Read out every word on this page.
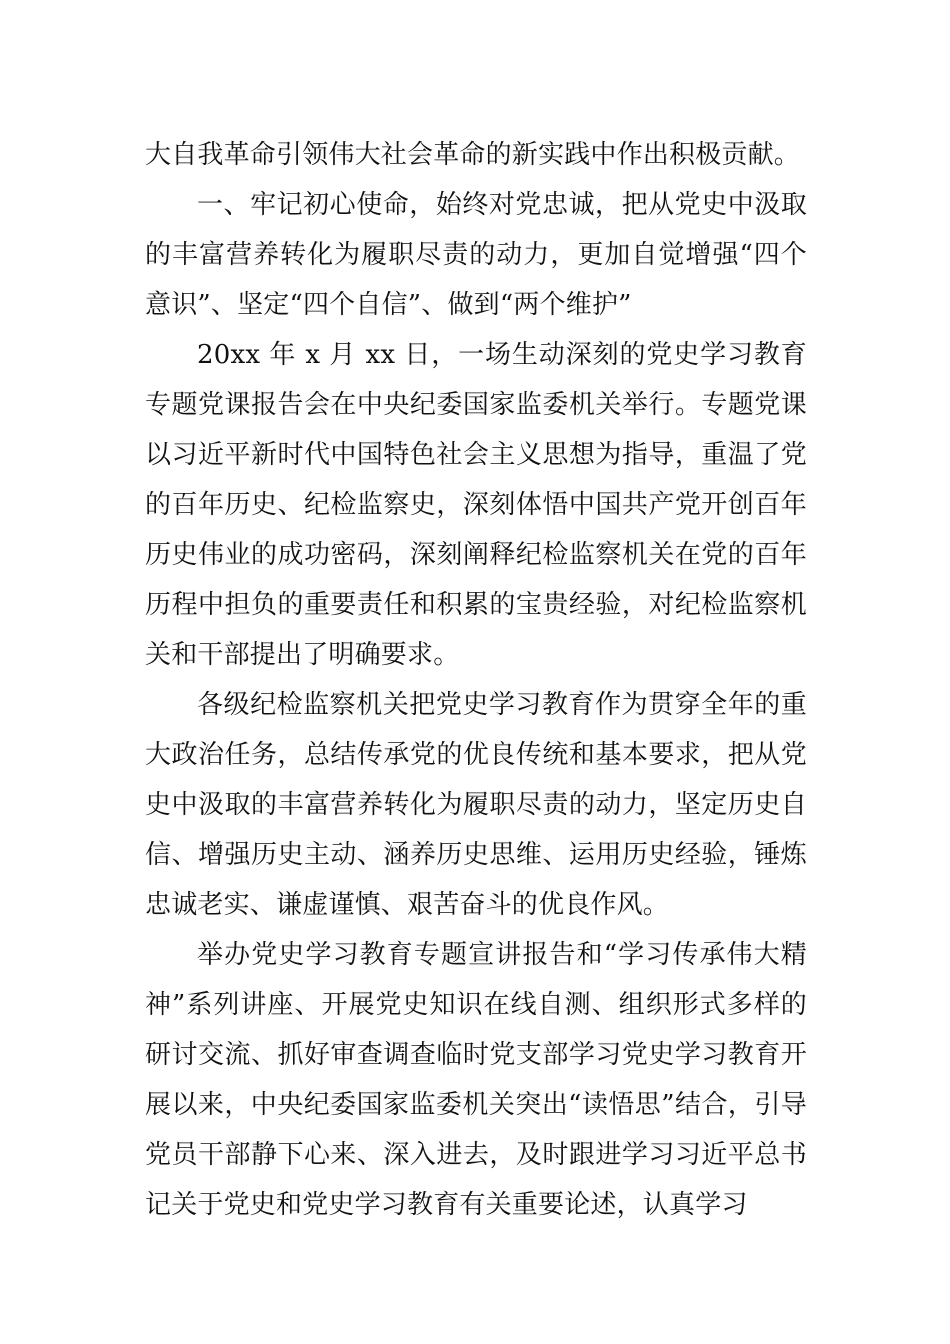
大自我革命引领伟大社会革命的新实践中作出积极贡献。

一、牢记初心使命，始终对党忠诚，把从党史中汲取的丰富营养转化为履职尽责的动力，更加自觉增强“四个意识”、坚定“四个自信”、做到“两个维护”

20xx 年 x 月 xx 日，一场生动深刻的党史学习教育专题党课报告会在中央纪委国家监委机关举行。专题党课以习近平新时代中国特色社会主义思想为指导，重温了党的百年历史、纪检监察史，深刻体悟中国共产党开创百年历史伟业的成功密码，深刻阐释纪检监察机关在党的百年历程中担负的重要责任和积累的宝贵经验，对纪检监察机关和干部提出了明确要求。

各级纪检监察机关把党史学习教育作为贯穿全年的重大政治任务，总结传承党的优良传统和基本要求，把从党史中汲取的丰富营养转化为履职尽责的动力，坚定历史自信、增强历史主动、涵养历史思维、运用历史经验，锤炼忠诚老实、谦虚谨慎、艰苦奋斗的优良作风。

举办党史学习教育专题宣讲报告和“学习传承伟大精神”系列讲座、开展党史知识在线自测、组织形式多样的研讨交流、抓好审查调查临时党支部学习党史学习教育开展以来，中央纪委国家监委机关突出“读悟思”结合，引导党员干部静下心来、深入进去，及时跟进学习习近平总书记关于党史和党史学习教育有关重要论述，认真学习
